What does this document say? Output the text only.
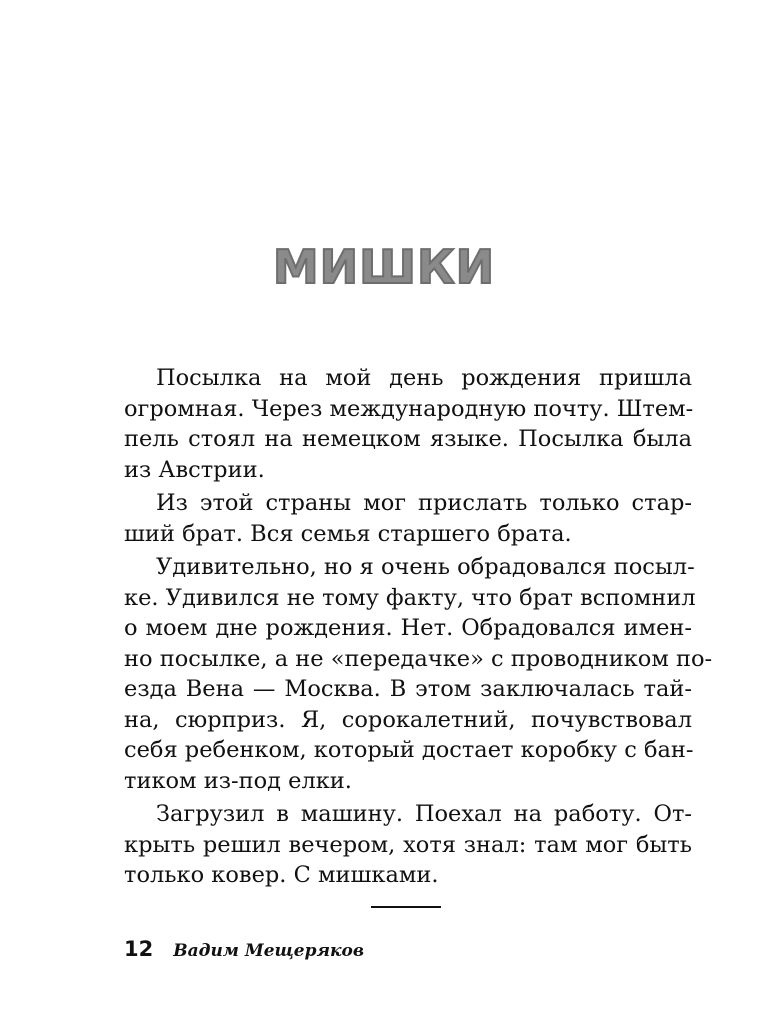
МИШКИ
Посылка на мой день рождения пришла
огромная. Через международную почту. Штем-
пель стоял на немецком языке. Посылка была
из Австрии.
Из этой страны мог прислать только стар-
ший брат. Вся семья старшего брата.
Удивительно, но я очень обрадовался посыл-
ке. Удивился не тому факту, что брат вспомнил
о моем дне рождения. Нет. Обрадовался имен-
но посылке, а не «передачке» с проводником по-
езда Вена — Москва. В этом заключалась тай-
на, сюрприз. Я, сорокалетний, почувствовал
себя ребенком, который достает коробку с бан-
тиком из-под елки.
Загрузил в машину. Поехал на работу. От-
крыть решил вечером, хотя знал: там мог быть
только ковер. С мишками.
12 Вадим Мещеряков
